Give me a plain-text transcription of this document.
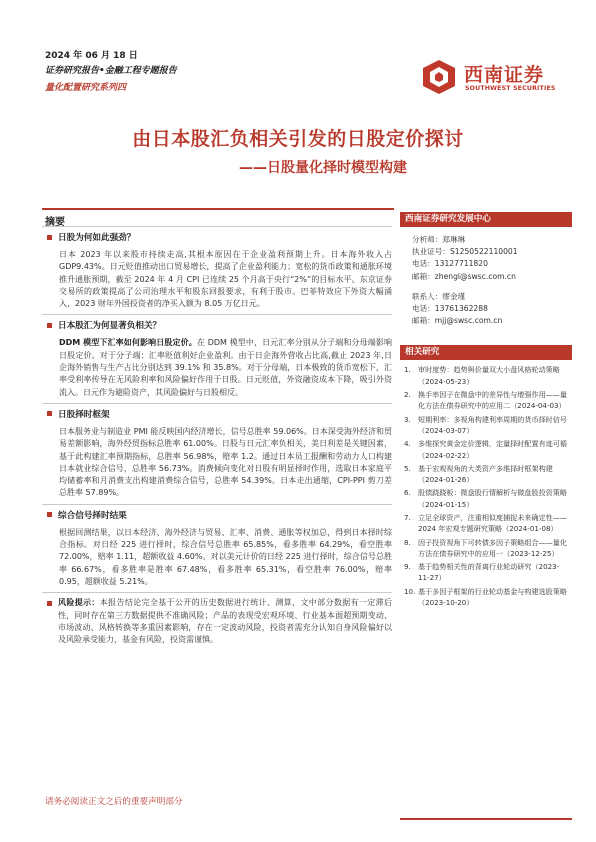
2024 年 06 月 18 日
证券研究报告•金融工程专题报告
量化配置研究系列四
西南证券
SOUTHWEST SECURITIES
由日本股汇负相关引发的日股定价探讨
——日股量化择时模型构建
摘要
日股为何如此强劲？
日本 2023 年以来股市持续走高,其根本原因在于企业盈利预期上升。日本海外收入占 GDP9.43%。日元贬值推动出口贸易增长，提高了企业盈利能力；宽松的货币政策和通胀环境推升通胀预期，截至 2024 年 4 月 CPI 已连续 25 个月高于央行“2%”的目标水平。东京证券交易所的政策提高了公司治理水平和股东回报要求，有利于股市。巴菲特效应下外资大幅涌入，2023 财年外国投资者的净买入额为 8.05 万亿日元。
日本股汇为何显著负相关？
DDM 模型下汇率如何影响日股定价。在 DDM 模型中，日元汇率分别从分子端和分母端影响日股定价。对于分子端：汇率贬值利好企业盈利。由于日企海外营收占比高,截止 2023 年,日企海外销售与生产占比分别达到 39.1% 和 35.8%。对于分母端，日本极致的货币宽松下，汇率受利率传导在无风险利率和风险偏好作用于日股。日元贬值，外资融资成本下降，吸引外资流入。日元作为避险资产，其风险偏好与日股相反。
日股择时框架
日本服务业与制造业 PMI 能反映国内经济增长，信号总胜率 59.06%。日本深受海外经济和贸易差额影响，海外经贸指标总胜率 61.00%。日股与日元汇率负相关，美日利差是关键因素，基于此构建汇率预期指标，总胜率 56.98%，赔率 1.2。通过日本员工报酬和劳动力人口构建日本就业综合信号，总胜率 56.73%。消费倾向变化对日股有明显择时作用，选取日本家庭平均储蓄率和月消费支出构建消费综合信号，总胜率 54.39%。日本走出通缩，CPI-PPI 剪刀差总胜率 57.89%。
综合信号择时结果
根据回测结果，以日本经济、海外经济与贸易、汇率、消费、通胀等权加总，得到日本择时综合指标。对日经 225 进行择时，综合信号总胜率 65.85%，看多胜率 64.29%，看空胜率 72.00%，赔率 1.11，超额收益 4.60%。对以美元计价的日经 225 进行择时，综合信号总胜率 66.67%，看多胜率是胜率 67.48%，看多胜率 65.31%，看空胜率 76.00%，赔率 0.95，超额收益 5.21%。
风险提示：本报告结论完全基于公开的历史数据进行统计、测算，文中部分数据有一定滞后性，同时存在第三方数据提供不准确风险；产品的表现受宏观环境、行业基本面超预期变动、市场波动、风格转换等多重因素影响，存在一定波动风险，投资者需充分认知自身风险偏好以及风险承受能力，基金有风险，投资需谨慎。
请务必阅读正文之后的重要声明部分
西南证券研究发展中心
分析师：郑琳琳
执业证号：S1250522110001
电话：13127711820
邮箱：zhengl@swsc.com.cn
联系人：缪金瑾
电话：13761362288
邮箱：mjj@swsc.com.cn
相关研究
1.	审时度势：趋势與价量双大小盘风格轮动策略 （2024-05-23）
2.	换手率因子在微盘中的差异性与增强作用——量化方法在债券研究中的应用二（2024-04-03）
3.	短期利率：多视角构建利率周期的货币择时信号（2024-03-07）
4.	多维探究黄金定价逻辑，定量择时配置有迹可循（2024-02-22）
5.	基于宏观视角的大类资产多维择时框架构建（2024-01-26）
6.	股债跷跷板：微盘股行情解析与微盘股投资策略（2024-01-15）
7.	立足全球资产，注重相似度捕捉未来确定性——2024 年宏观专题研究策略（2024-01-08）
8.	因子投资视角下可转债多因子策略组合——量化方法在债券研究中的应用一（2023-12-25）
9.	基于趋势相关性的背离行业轮动研究（2023-11-27）
10. 基于多因子框架的行业轮动基金与构建选股策略（2023-10-20）
